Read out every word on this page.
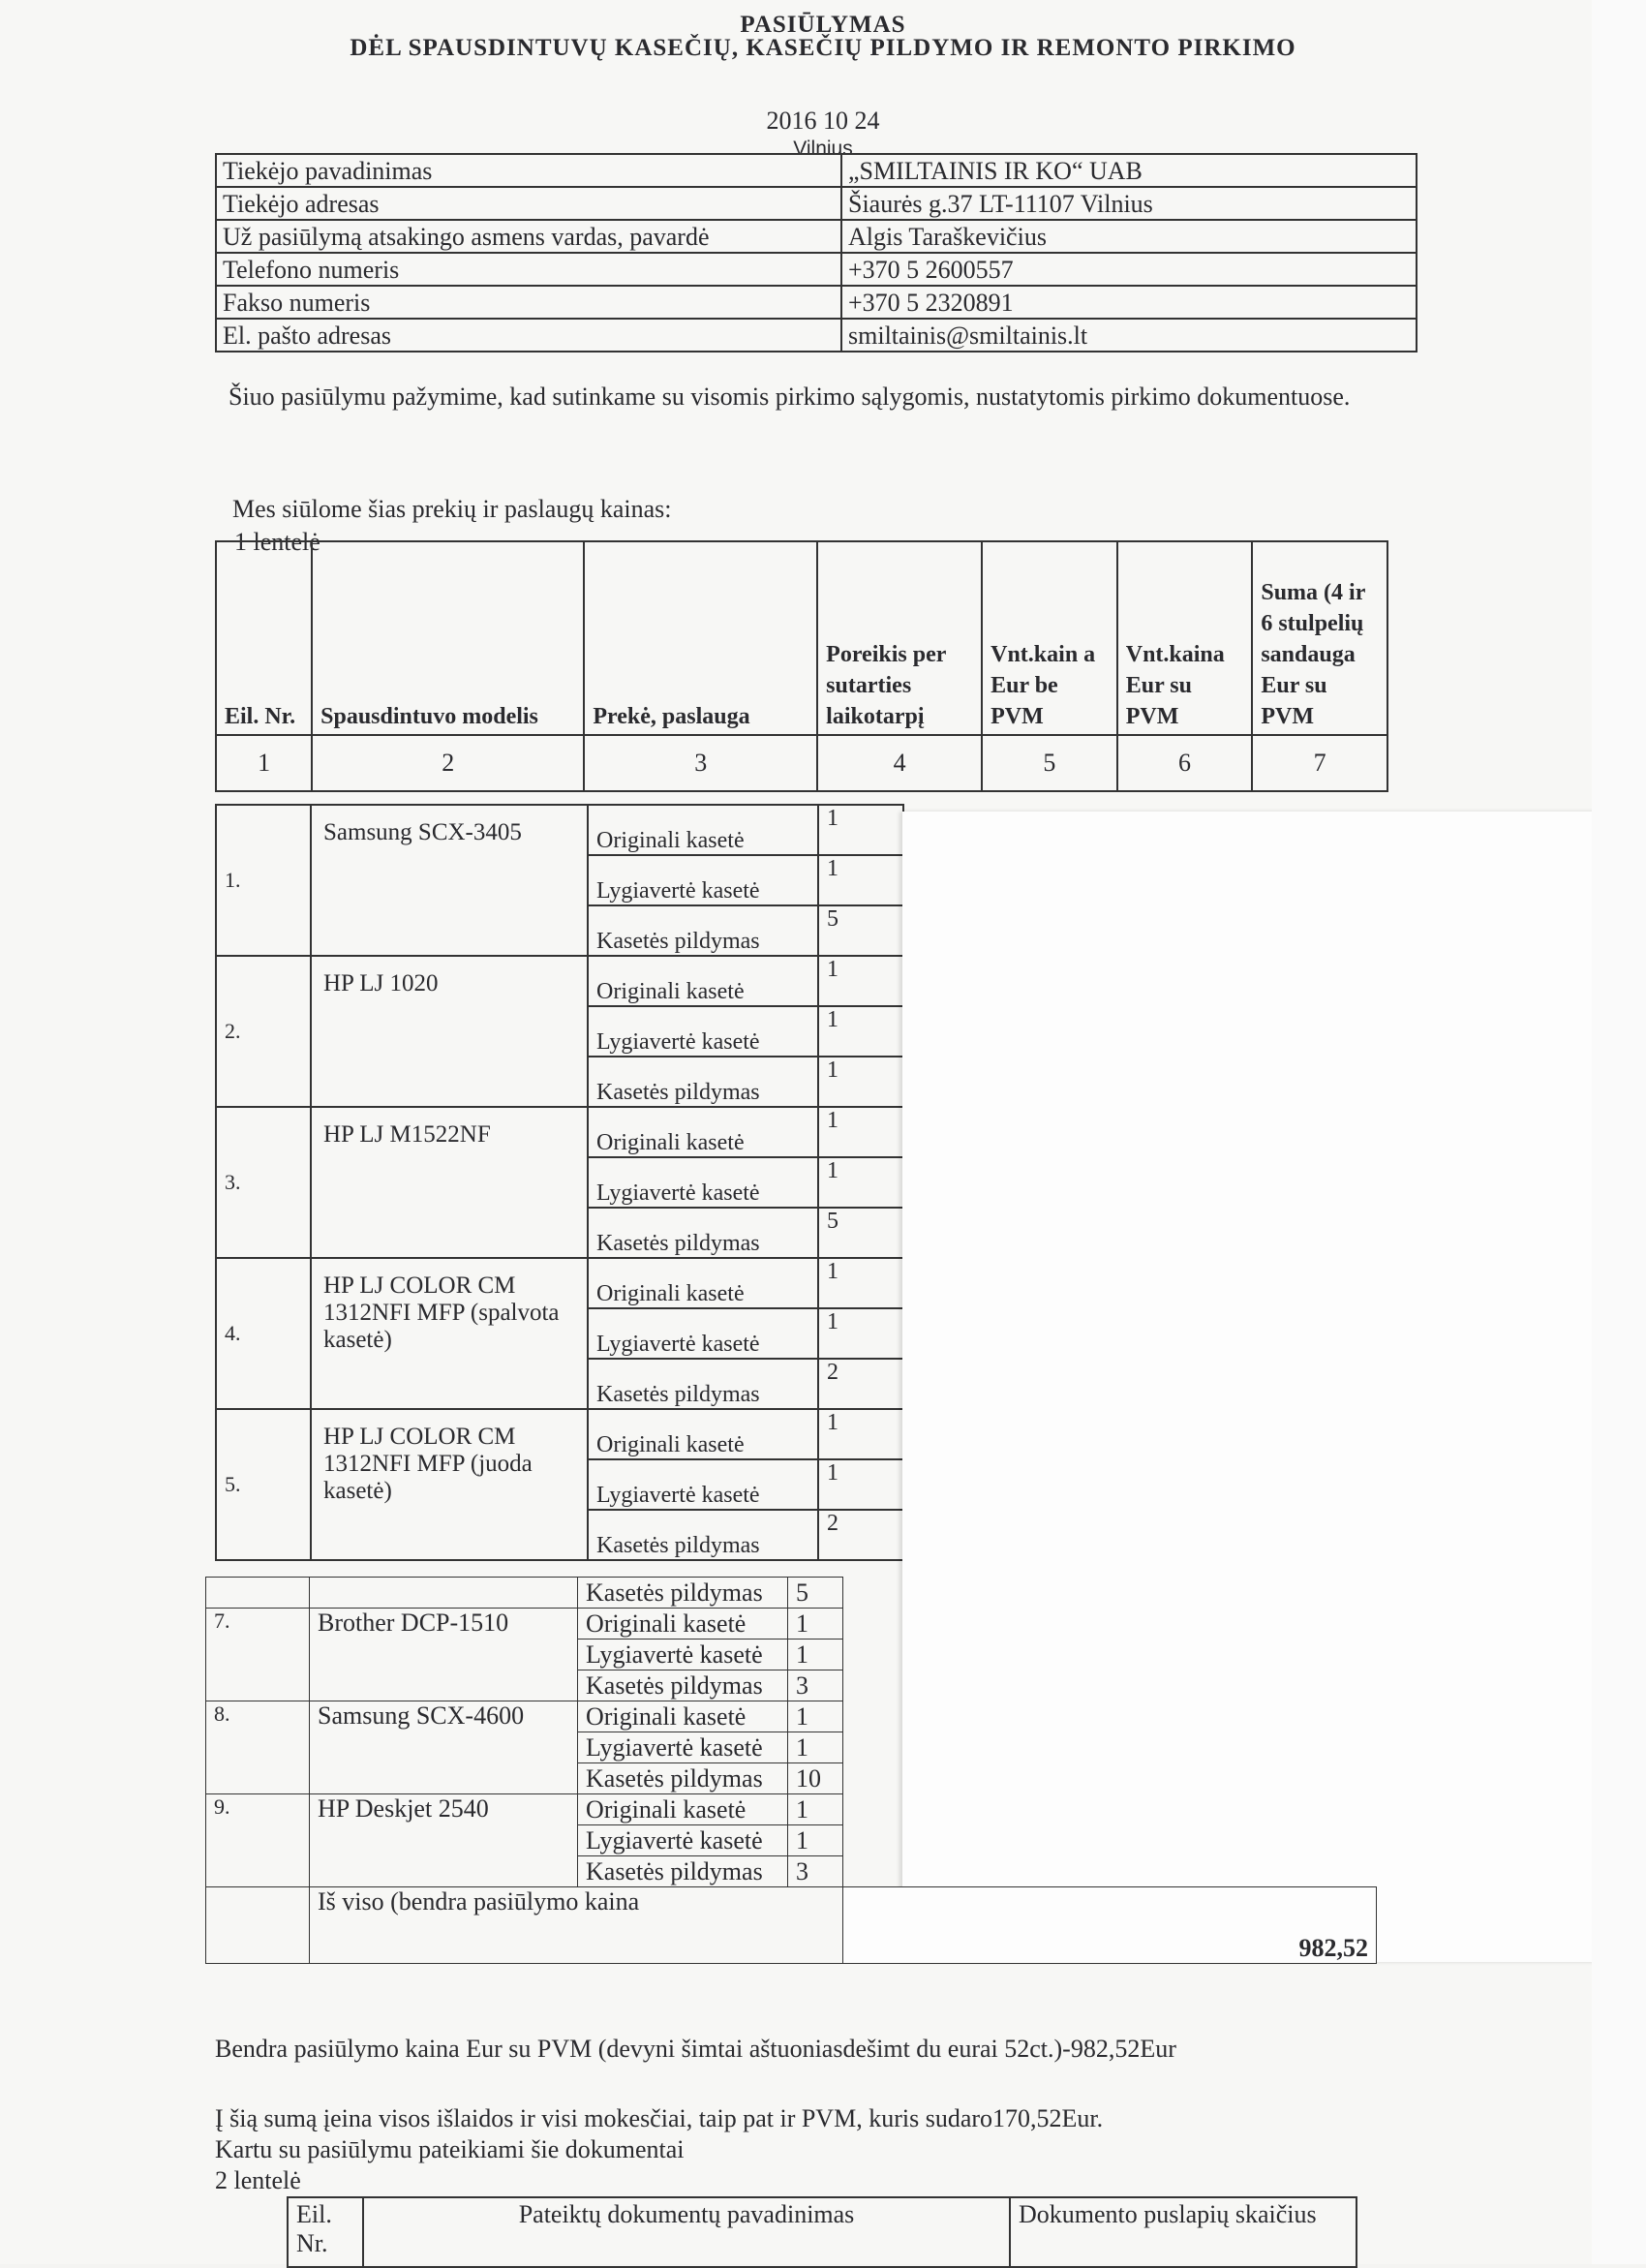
PASIŪLYMAS
DĖL SPAUSDINTUVŲ KASEČIŲ, KASEČIŲ PILDYMO IR REMONTO PIRKIMO
2016 10 24
Vilnius
Tiekėjo pavadinimas	„SMILTAINIS IR KO“ UAB
Tiekėjo adresas	Šiaurės g.37 LT-11107 Vilnius
Už pasiūlymą atsakingo asmens vardas, pavardė	Algis Taraškevičius
Telefono numeris	+370 5 2600557
Fakso numeris	+370 5 2320891
El. pašto adresas	smiltainis@smiltainis.lt
Šiuo pasiūlymu pažymime, kad sutinkame su visomis pirkimo sąlygomis, nustatytomis pirkimo dokumentuose.
Mes siūlome šias prekių ir paslaugų kainas:
1 lentelė
Eil. Nr.	Spausdintuvo modelis	Prekė, paslauga	Poreikis per sutarties laikotarpį	Vnt.kain a Eur be PVM	Vnt.kaina Eur su PVM	Suma (4 ir 6 stulpelių sandauga Eur su PVM
1	2	3	4	5	6	7
1.	Samsung SCX-3405	Originali kasetė	1
		Lygiavertė kasetė	1
		Kasetės pildymas	5
2.	HP LJ 1020	Originali kasetė	1
		Lygiavertė kasetė	1
		Kasetės pildymas	1
3.	HP LJ M1522NF	Originali kasetė	1
		Lygiavertė kasetė	1
		Kasetės pildymas	5
4.	HP LJ COLOR CM 1312NFI MFP (spalvota kasetė)	Originali kasetė	1
		Lygiavertė kasetė	1
		Kasetės pildymas	2
5.	HP LJ COLOR CM 1312NFI MFP (juoda kasetė)	Originali kasetė	1
		Lygiavertė kasetė	1
		Kasetės pildymas	2
		Kasetės pildymas	5	
7.	Brother DCP-1510	Originali kasetė	1	
		Lygiavertė kasetė	1	
		Kasetės pildymas	3	
8.	Samsung SCX-4600	Originali kasetė	1	
		Lygiavertė kasetė	1	
		Kasetės pildymas	10	
9.	HP Deskjet 2540	Originali kasetė	1	
		Lygiavertė kasetė	1	
		Kasetės pildymas	3	
	Iš viso (bendra pasiūlymo kaina			982,52
Bendra pasiūlymo kaina Eur su PVM (devyni šimtai aštuoniasdešimt du eurai 52ct.)-982,52Eur
Į šią sumą įeina visos išlaidos ir visi mokesčiai, taip pat ir PVM, kuris sudaro170,52Eur.
Kartu su pasiūlymu pateikiami šie dokumentai
2 lentelė
Eil. Nr.	Pateiktų dokumentų pavadinimas	Dokumento puslapių skaičius
